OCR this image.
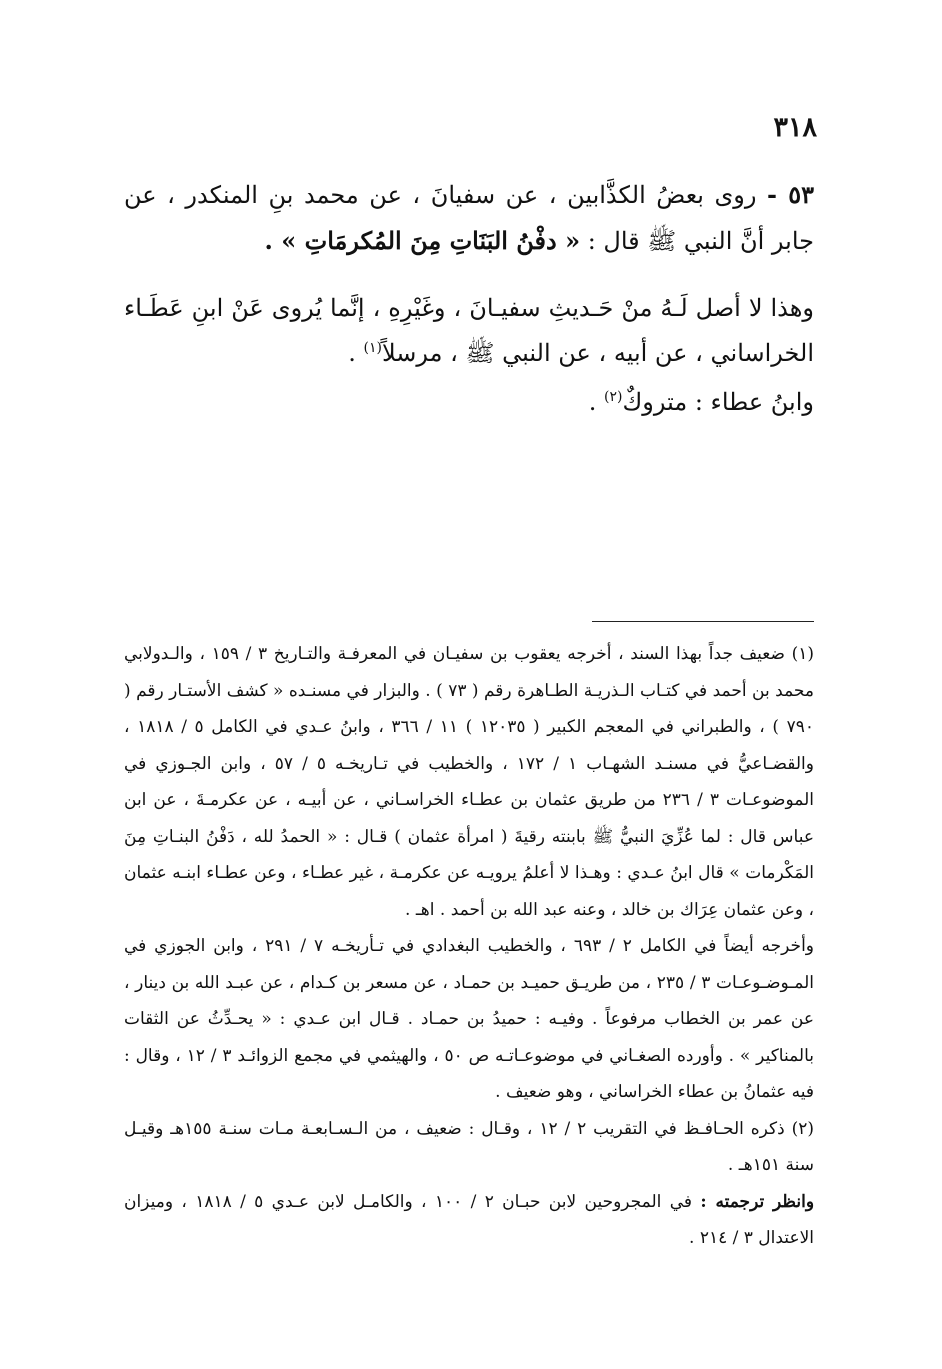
٣١٨

٥٣ - روى بعضُ الكذَّابين ، عن سفيانَ ، عن محمد بنِ المنكدر ، عن جابر أنَّ النبي ﷺ قال : « دفْنُ البَنَاتِ مِنَ المُكرمَاتِ » .

وهذا لا أصل لَـهُ منْ حَـديثِ سفيـانَ ، وغَيْرِهِ ، إنَّما يُروى عَنْ ابنِ عَطَـاء الخراساني ، عن أبيه ، عن النبي ﷺ ، مرسلاً$^{(١)}$ .

وابنُ عطاء : متروكٌ$^{(٢)}$ .

(١) ضعيف جداً بهذا السند ، أخرجه يعقوب بن سفيـان في المعرفـة والتـاريخ ٣ / ١٥٩ ، والـدولابي محمد بن أحمد في كتـاب الـذريـة الطـاهرة رقم ( ٧٣ ) . والبزار في مسنـده « كشف الأستـار رقم ( ٧٩٠ ) ، والطبراني في المعجم الكبير ( ١٢٠٣٥ ) ١١ / ٣٦٦ ، وابنُ عـدي في الكامل ٥ / ١٨١٨ ، والقضـاعيُّ في مسنـد الشهـاب ١ / ١٧٢ ، والخطيب في تـاريخـه ٥ / ٥٧ ، وابن الجـوزي في الموضوعـات ٣ / ٢٣٦ من طريق عثمان بن عطـاء الخراسـاني ، عن أبيـه ، عن عكرمـةَ ، عن ابن عباس قال : لما عُزِّيَ النبيُّ ﷺ بابنته رقيةَ ( امرأة عثمان ) قـال : « الحمدُ لله ، دَفْنُ البنـاتِ مِنَ المَكْرمات » قال ابنُ عـدي : وهـذا لا أعلمُ يرويـه عن عكرمـة ، غير عطـاء ، وعن عطـاء ابنـه عثمان ، وعن عثمان عِرَاك بن خالد ، وعنه عبد الله بن أحمد . اهـ .

وأخرجه أيضاً في الكامل ٢ / ٦٩٣ ، والخطيب البغدادي في تـأريخـه ٧ / ٢٩١ ، وابن الجوزي في المـوضـوعـات ٣ / ٢٣٥ ، من طريـق حميـد بن حمـاد ، عن مسعر بن كـدام ، عن عبـد الله بن دينار ، عن عمر بن الخطاب مرفوعاً . وفيـه : حميدُ بن حمـاد . قـال ابن عـدي : « يحـدِّثُ عن الثقات بالمناكير » . وأورده الصغـاني في موضوعـاتـه ص ٥٠ ، والهيثمي في مجمع الزوائـد ٣ / ١٢ ، وقال : فيه عثمانُ بن عطاء الخراساني ، وهو ضعيف .

(٢) ذكره الحـافـظ في التقريب ٢ / ١٢ ، وقـال : ضعيف ، من الـسـابعـة مـات سنـة ١٥٥هـ وقيـل سنة ١٥١هـ .

وانظر ترجمته : في المجروحين لابن حبـان ٢ / ١٠٠ ، والكامـل لابن عـدي ٥ / ١٨١٨ ، وميزان الاعتدال ٣ / ٢١٤ .
